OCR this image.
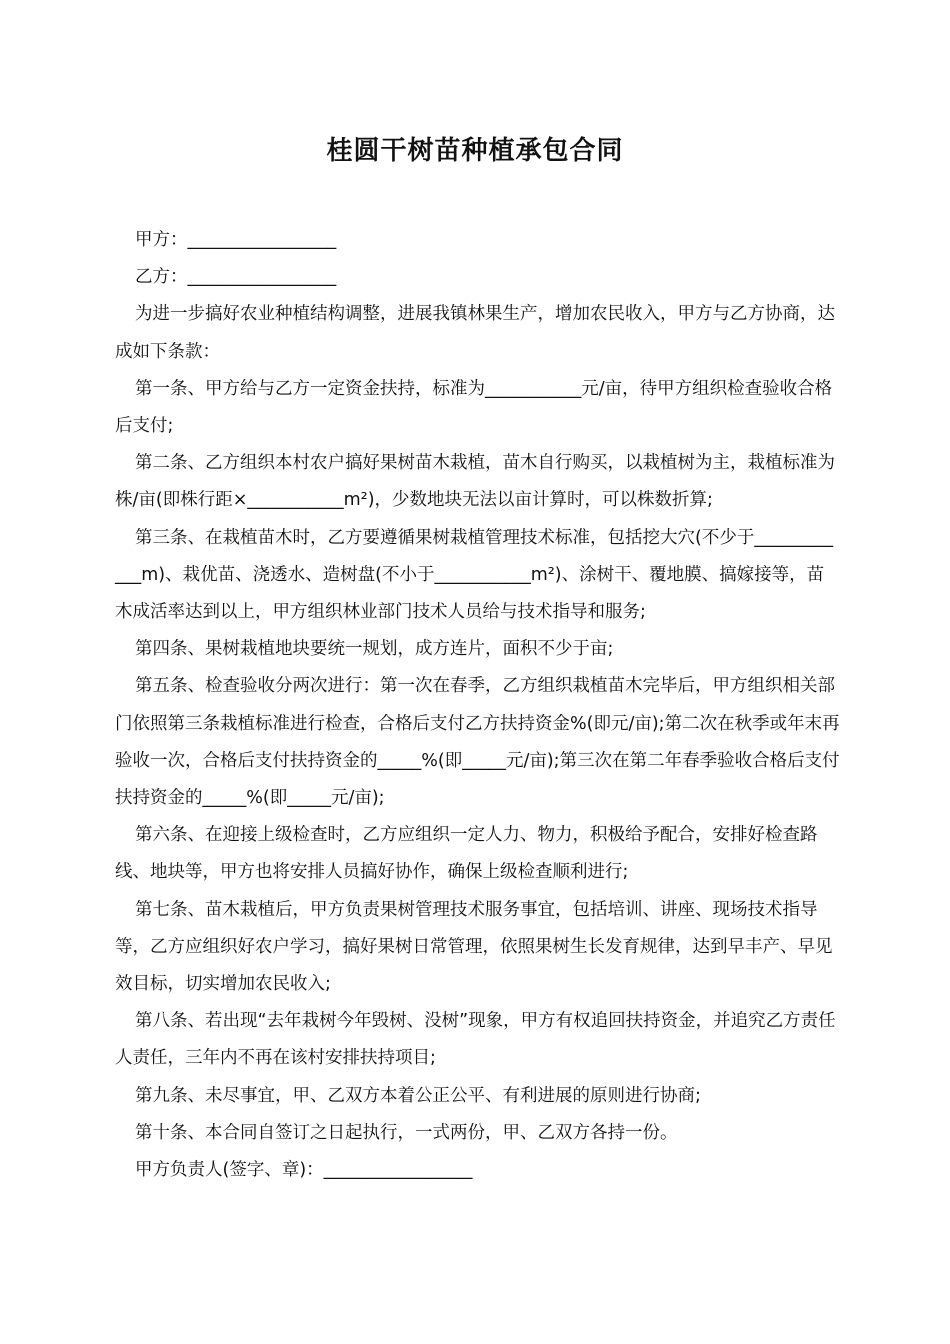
桂圆干树苗种植承包合同

甲方：_________________

乙方：_________________

为进一步搞好农业种植结构调整，进展我镇林果生产，增加农民收入，甲方与乙方协商，达成如下条款：

第一条、甲方给与乙方一定资金扶持，标准为___________元/亩，待甲方组织检查验收合格后支付;

第二条、乙方组织本村农户搞好果树苗木栽植，苗木自行购买，以栽植树为主，栽植标准为株/亩(即株行距×___________m²)，少数地块无法以亩计算时，可以株数折算;

第三条、在栽植苗木时，乙方要遵循果树栽植管理技术标准，包括挖大穴(不少于____________m)、栽优苗、浇透水、造树盘(不小于___________m²)、涂树干、覆地膜、搞嫁接等，苗木成活率达到以上，甲方组织林业部门技术人员给与技术指导和服务;

第四条、果树栽植地块要统一规划，成方连片，面积不少于亩;

第五条、检查验收分两次进行：第一次在春季，乙方组织栽植苗木完毕后，甲方组织相关部门依照第三条栽植标准进行检查，合格后支付乙方扶持资金%(即元/亩);第二次在秋季或年末再验收一次，合格后支付扶持资金的_____%(即_____元/亩);第三次在第二年春季验收合格后支付扶持资金的_____%(即_____元/亩);

第六条、在迎接上级检查时，乙方应组织一定人力、物力，积极给予配合，安排好检查路线、地块等，甲方也将安排人员搞好协作，确保上级检查顺利进行;

第七条、苗木栽植后，甲方负责果树管理技术服务事宜，包括培训、讲座、现场技术指导等，乙方应组织好农户学习，搞好果树日常管理，依照果树生长发育规律，达到早丰产、早见效目标，切实增加农民收入;

第八条、若出现“去年栽树今年毁树、没树”现象，甲方有权追回扶持资金，并追究乙方责任人责任，三年内不再在该村安排扶持项目;

第九条、未尽事宜，甲、乙双方本着公正公平、有利进展的原则进行协商;

第十条、本合同自签订之日起执行，一式两份，甲、乙双方各持一份。

甲方负责人(签字、章)：_________________
